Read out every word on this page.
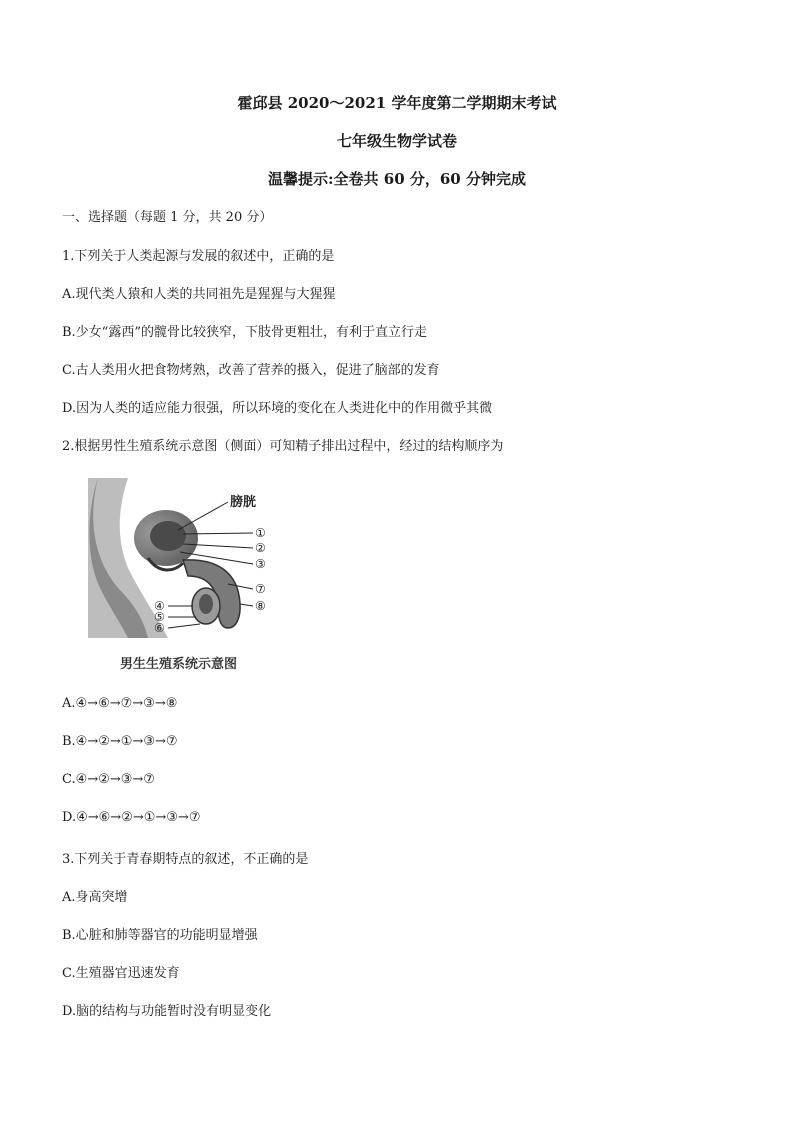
霍邱县 2020～2021 学年度第二学期期末考试
七年级生物学试卷
温馨提示:全卷共 60 分，60 分钟完成
一、选择题（每题 1 分，共 20 分）
1.下列关于人类起源与发展的叙述中，正确的是
A.现代类人猿和人类的共同祖先是猩猩与大猩猩
B.少女“露西”的髋骨比较狭窄，下肢骨更粗壮，有利于直立行走
C.古人类用火把食物烤熟，改善了营养的摄入，促进了脑部的发育
D.因为人类的适应能力很强，所以环境的变化在人类进化中的作用微乎其微
2.根据男性生殖系统示意图（侧面）可知精子排出过程中，经过的结构顺序为
膀胱
①
②
③
④
⑤
⑥
⑦
⑧
男生生殖系统示意图
A.④→⑥→⑦→③→⑧
B.④→②→①→③→⑦
C.④→②→③→⑦
D.④→⑥→②→①→③→⑦
3.下列关于青春期特点的叙述，不正确的是
A.身高突增
B.心脏和肺等器官的功能明显增强
C.生殖器官迅速发育
D.脑的结构与功能暂时没有明显变化
